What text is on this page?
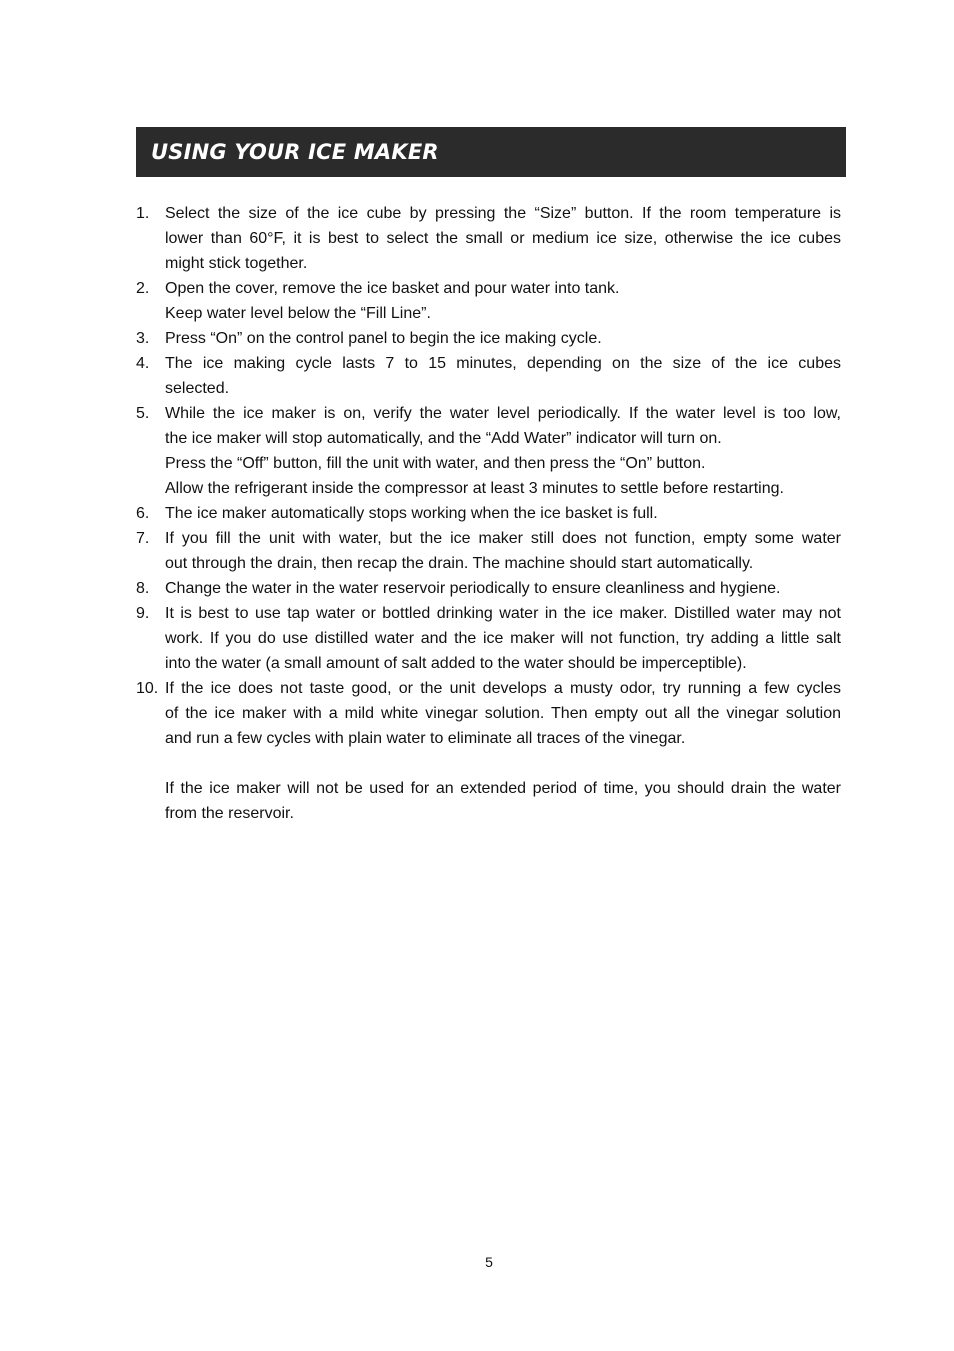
USING YOUR ICE MAKER
1. Select the size of the ice cube by pressing the “Size” button. If the room temperature is
lower than 60°F, it is best to select the small or medium ice size, otherwise the ice cubes
might stick together.
2. Open the cover, remove the ice basket and pour water into tank.
Keep water level below the “Fill Line”.
3. Press “On” on the control panel to begin the ice making cycle.
4. The ice making cycle lasts 7 to 15 minutes, depending on the size of the ice cubes
selected.
5. While the ice maker is on, verify the water level periodically. If the water level is too low,
the ice maker will stop automatically, and the “Add Water” indicator will turn on.
Press the “Off” button, fill the unit with water, and then press the “On” button.
Allow the refrigerant inside the compressor at least 3 minutes to settle before restarting.
6. The ice maker automatically stops working when the ice basket is full.
7. If you fill the unit with water, but the ice maker still does not function, empty some water
out through the drain, then recap the drain. The machine should start automatically.
8. Change the water in the water reservoir periodically to ensure cleanliness and hygiene.
9. It is best to use tap water or bottled drinking water in the ice maker. Distilled water may not
work. If you do use distilled water and the ice maker will not function, try adding a little salt
into the water (a small amount of salt added to the water should be imperceptible).
10. If the ice does not taste good, or the unit develops a musty odor, try running a few cycles
of the ice maker with a mild white vinegar solution. Then empty out all the vinegar solution
and run a few cycles with plain water to eliminate all traces of the vinegar.
If the ice maker will not be used for an extended period of time, you should drain the water
from the reservoir.
5
